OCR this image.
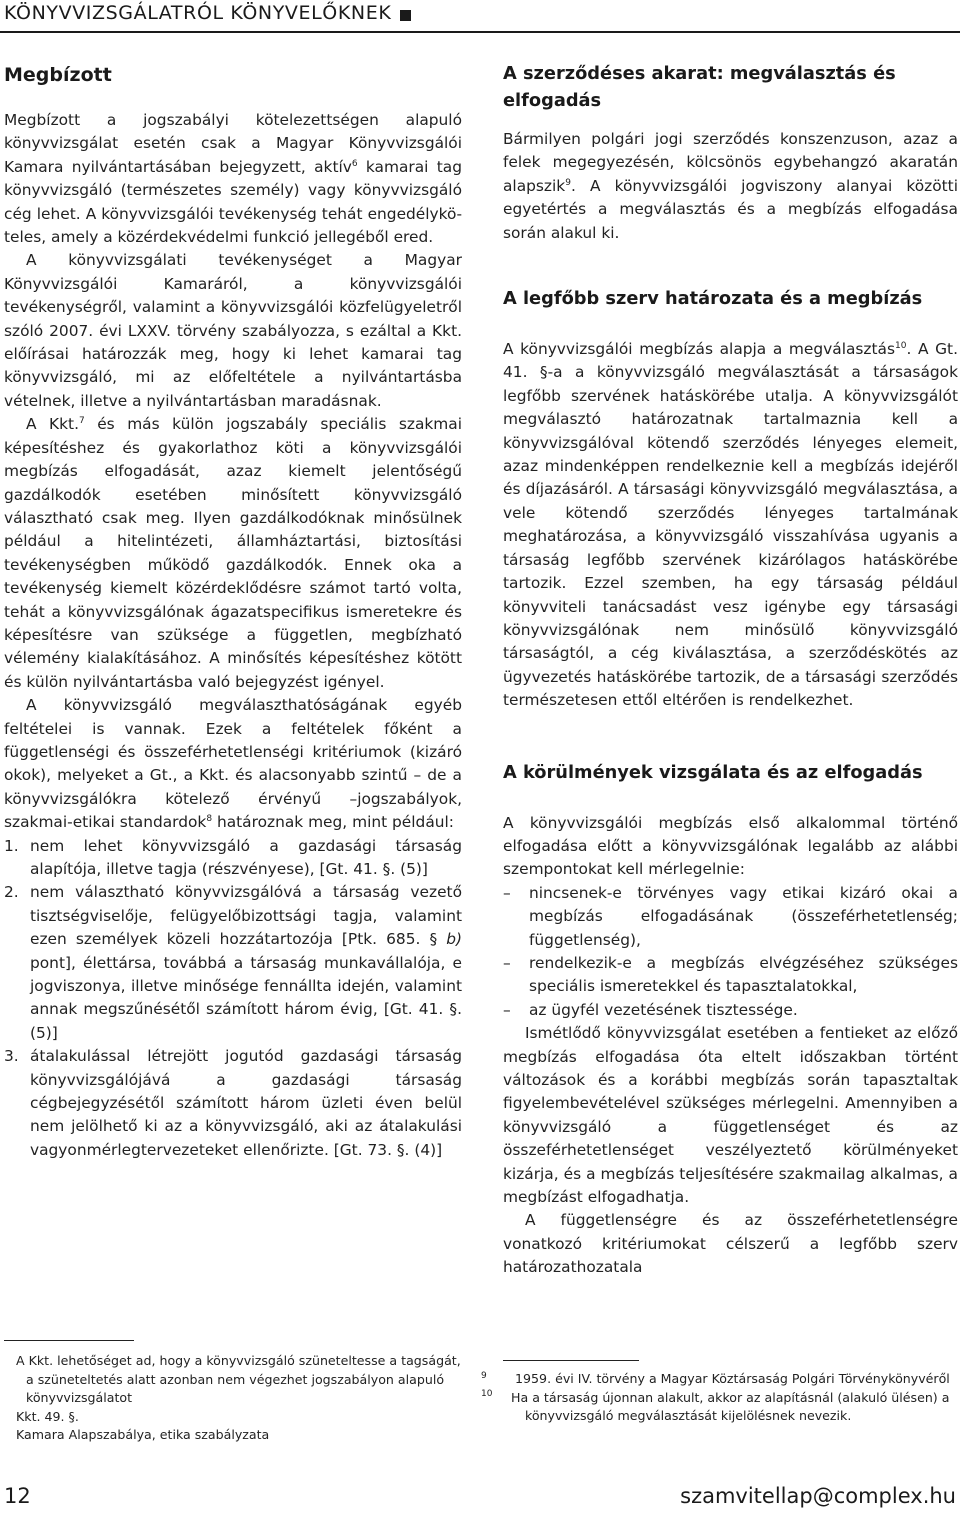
KÖNYVVIZSGÁLATRÓL KÖNYVELŐKNEK
Megbízott

Megbízott a jogszabályi kötelezettségen alapuló könyvvizsgálat esetén csak a Magyar Könyvvizsgálói Kamara nyilvántartásában bejegyzett, aktív$^6$ kamarai tag könyvvizsgáló (természetes személy) vagy könyvvizsgáló cég lehet. A könyvvizsgálói tevékenység tehát engedélyköteles, amely a közérdekvédelmi funkció jellegéből ered.

A könyvvizsgálati tevékenységet a Magyar Könyvvizsgálói Kamaráról, a könyvvizsgálói tevékenységről, valamint a könyvvizsgálói közfelügyeletről szóló 2007. évi LXXV. törvény szabályozza, s ezáltal a Kkt. előírásai határozzák meg, hogy ki lehet kamarai tag könyvvizsgáló, mi az előfeltétele a nyilvántartásba vételnek, illetve a nyilvántartásban maradásnak.

A Kkt.$^7$ és más külön jogszabály speciális szakmai képesítéshez és gyakorlathoz köti a könyvvizsgálói megbízás elfogadását, azaz kiemelt jelentőségű gazdálkodók esetében minősített könyvvizsgáló választható csak meg. Ilyen gazdálkodóknak minősülnek például a hitelintézeti, államháztartási, biztosítási tevékenységben működő gazdálkodók. Ennek oka a tevékenység kiemelt közérdeklődésre számot tartó volta, tehát a könyvvizsgálónak ágazatspecifikus ismeretekre és képesítésre van szüksége a független, megbízható vélemény kialakításához. A minősítés képesítéshez kötött és külön nyilvántartásba való bejegyzést igényel.

A könyvvizsgáló megválaszthatóságának egyéb feltételei is vannak. Ezek a feltételek főként a függetlenségi és összeférhetetlenségi kritériumok (kizáró okok), melyeket a Gt., a Kkt. és alacsonyabb szintű – de a könyvvizsgálókra kötelező érvényű –jogszabályok, szakmai-etikai standardok$^8$ határoznak meg, mint például:

1. nem lehet könyvvizsgáló a gazdasági társaság alapítója, illetve tagja (részvényese), [Gt. 41. §. (5)]
2. nem választható könyvvizsgálóvá a társaság vezető tisztségviselője, felügyelőbizottsági tagja, valamint ezen személyek közeli hozzátartozója [Ptk. 685. § b) pont], élettársa, továbbá a társaság munkavállalója, e jogviszonya, illetve minősége fennállta idején, valamint annak megszűnésétől számított három évig, [Gt. 41. §. (5)]
3. átalakulással létrejött jogutód gazdasági társaság könyvvizsgálójává a gazdasági társaság cégbejegyzésétől számított három üzleti éven belül nem jelölhető ki az a könyvvizsgáló, aki az átalakulási vagyonmérlegtervezeteket ellenőrizte. [Gt. 73. §. (4)]
A szerződéses akarat: megválasztás és elfogadás

Bármilyen polgári jogi szerződés konszenzuson, azaz a felek megegyezésén, kölcsönös egybehangzó akaratán alapszik$^9$. A könyvvizsgálói jogviszony alanyai közötti egyetértés a megválasztás és a megbízás elfogadása során alakul ki.

A legfőbb szerv határozata és a megbízás

A könyvvizsgálói megbízás alapja a megválasztás$^{10}$. A Gt. 41. §-a a könyvvizsgáló megválasztását a társaságok legfőbb szervének hatáskörébe utalja. A könyvvizsgálót megválasztó határozatnak tartalmaznia kell a könyvvizsgálóval kötendő szerződés lényeges elemeit, azaz mindenképpen rendelkeznie kell a megbízás idejéről és díjazásáról. A társasági könyvvizsgáló megválasztása, a vele kötendő szerződés lényeges tartalmának meghatározása, a könyvvizsgáló visszahívása ugyanis a társaság legfőbb szervének kizárólagos hatáskörébe tartozik. Ezzel szemben, ha egy társaság például könyvviteli tanácsadást vesz igénybe egy társasági könyvvizsgálónak nem minősülő könyvvizsgáló társaságtól, a cég kiválasztása, a szerződéskötés az ügyvezetés hatáskörébe tartozik, de a társasági szerződés természetesen ettől eltérően is rendelkezhet.

A körülmények vizsgálata és az elfogadás

A könyvvizsgálói megbízás első alkalommal történő elfogadása előtt a könyvvizsgálónak legalább az alábbi szempontokat kell mérlegelnie:

– nincsenek-e törvényes vagy etikai kizáró okai a megbízás elfogadásának (összeférhetetlenség; függetlenség),
– rendelkezik-e a megbízás elvégzéséhez szükséges speciális ismeretekkel és tapasztalatokkal,
– az ügyfél vezetésének tisztessége.

Ismétlődő könyvvizsgálat esetében a fentieket az előző megbízás elfogadása óta eltelt időszakban történt változások és a korábbi megbízás során tapasztaltak figyelembevételével szükséges mérlegelni. Amennyiben a könyvvizsgáló a függetlenséget és az összeférhetetlenséget veszélyeztető körülményeket kizárja, és a megbízás teljesítésére szakmailag alkalmas, a megbízást elfogadhatja.

A függetlenségre és az összeférhetetlenségre vonatkozó kritériumokat célszerű a legfőbb szerv határozathozatala

A Kkt. lehetőséget ad, hogy a könyvvizsgáló szüneteltesse a tagságát, a szüneteltetés alatt azonban nem végezhet jogszabályon alapuló könyvvizsgálatot

Kkt. 49. §.

Kamara Alapszabálya, etika szabályzata

9 1959. évi IV. törvény a Magyar Köztársaság Polgári Törvénykönyvéről

10 Ha a társaság újonnan alakult, akkor az alapításnál (alakuló ülésen) a könyvvizsgáló megválasztását kijelölésnek nevezik.

12	szamvitellap@complex.hu
